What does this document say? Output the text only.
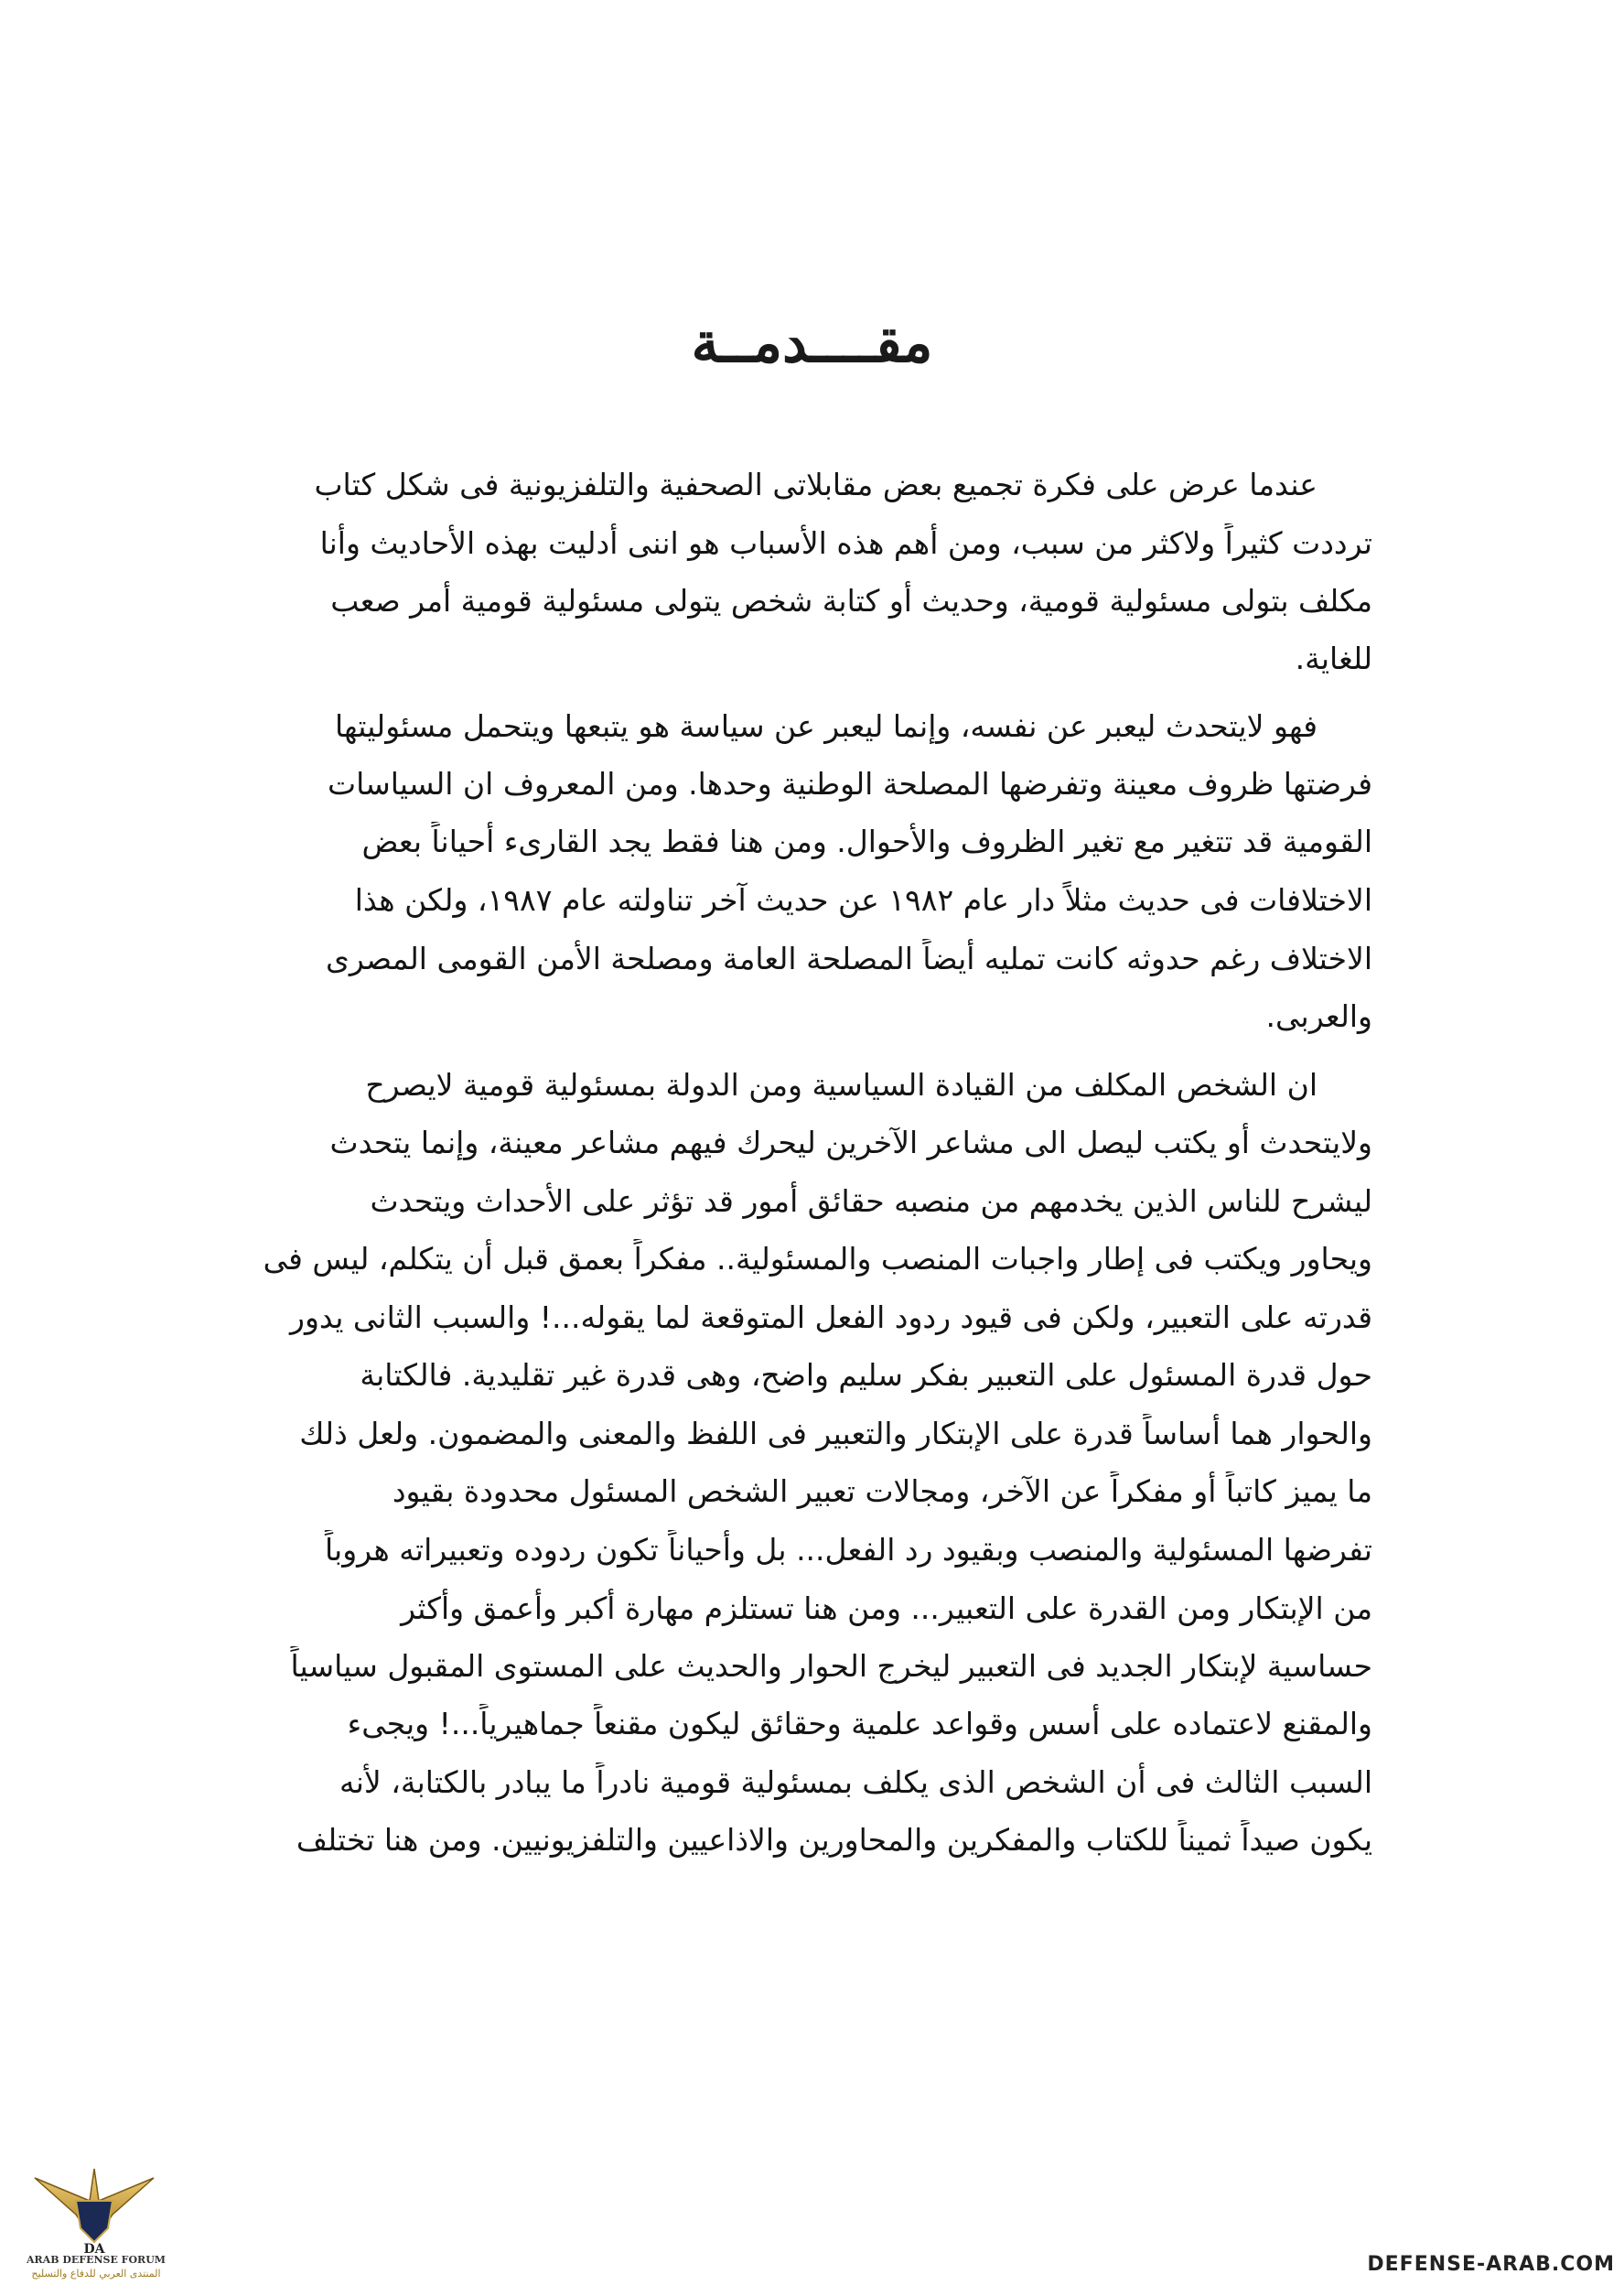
مقــــدمــة
عندما عرض على فكرة تجميع بعض مقابلاتى الصحفية والتلفزيونية فى شكل كتاب
ترددت كثيراً ولاكثر من سبب، ومن أهم هذه الأسباب هو اننى أدليت بهذه الأحاديث وأنا
مكلف بتولى مسئولية قومية، وحديث أو كتابة شخص يتولى مسئولية قومية أمر صعب
للغاية.
فهو لايتحدث ليعبر عن نفسه، وإنما ليعبر عن سياسة هو يتبعها ويتحمل مسئوليتها
فرضتها ظروف معينة وتفرضها المصلحة الوطنية وحدها. ومن المعروف ان السياسات
القومية قد تتغير مع تغير الظروف والأحوال. ومن هنا فقط يجد القارىء أحياناً بعض
الاختلافات فى حديث مثلاً دار عام ١٩٨٢ عن حديث آخر تناولته عام ١٩٨٧، ولكن هذا
الاختلاف رغم حدوثه كانت تمليه أيضاً المصلحة العامة ومصلحة الأمن القومى المصرى
والعربى.
ان الشخص المكلف من القيادة السياسية ومن الدولة بمسئولية قومية لايصرح
ولايتحدث أو يكتب ليصل الى مشاعر الآخرين ليحرك فيهم مشاعر معينة، وإنما يتحدث
ليشرح للناس الذين يخدمهم من منصبه حقائق أمور قد تؤثر على الأحداث ويتحدث
ويحاور ويكتب فى إطار واجبات المنصب والمسئولية.. مفكراً بعمق قبل أن يتكلم، ليس فى
قدرته على التعبير، ولكن فى قيود ردود الفعل المتوقعة لما يقوله...! والسبب الثانى يدور
حول قدرة المسئول على التعبير بفكر سليم واضح، وهى قدرة غير تقليدية. فالكتابة
والحوار هما أساساً قدرة على الإبتكار والتعبير فى اللفظ والمعنى والمضمون. ولعل ذلك
ما يميز كاتباً أو مفكراً عن الآخر، ومجالات تعبير الشخص المسئول محدودة بقيود
تفرضها المسئولية والمنصب وبقيود رد الفعل... بل وأحياناً تكون ردوده وتعبيراته هروباً
من الإبتكار ومن القدرة على التعبير... ومن هنا تستلزم مهارة أكبر وأعمق وأكثر
حساسية لإبتكار الجديد فى التعبير ليخرج الحوار والحديث على المستوى المقبول سياسياً
والمقنع لاعتماده على أسس وقواعد علمية وحقائق ليكون مقنعاً جماهيرياً...! ويجىء
السبب الثالث فى أن الشخص الذى يكلف بمسئولية قومية نادراً ما يبادر بالكتابة، لأنه
يكون صيداً ثميناً للكتاب والمفكرين والمحاورين والاذاعيين والتلفزيونيين. ومن هنا تختلف
DA
ARAB DEFENSE FORUM
المنتدى العربي للدفاع والتسليح	DEFENSE-ARAB.COM
